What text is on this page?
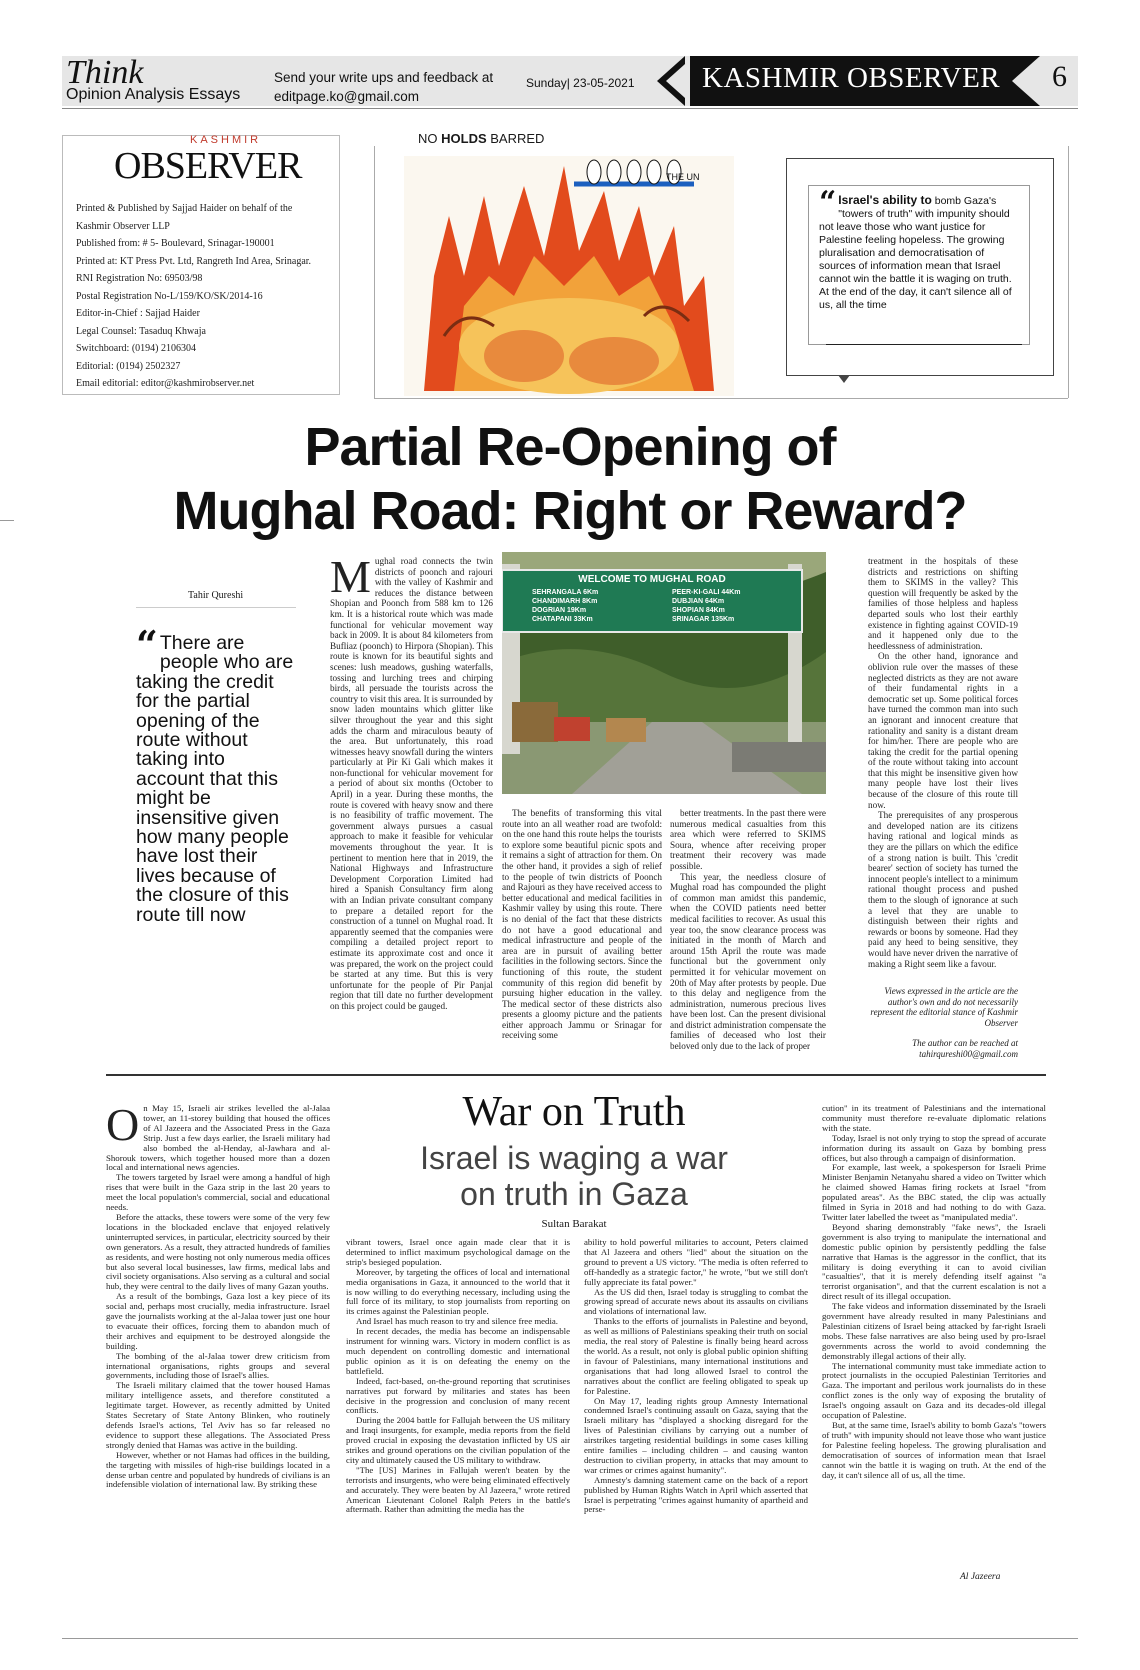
Think
Opinion Analysis Essays
Send your write ups and feedback at
editpage.ko@gmail.com
Sunday| 23-05-2021	KASHMIR OBSERVER	6
KASHMIR
OBSERVER
Printed & Published by Sajjad Haider on behalf of the
Kashmir Observer LLP
Published from: # 5- Boulevard, Srinagar-190001
Printed at: KT Press Pvt. Ltd, Rangreth Ind Area, Srinagar.
RNI Registration No: 69503/98
Postal Registration No-L/159/KO/SK/2014-16
Editor-in-Chief : Sajjad Haider
Legal Counsel: Tasaduq Khwaja
Switchboard: (0194) 2106304
Editorial: (0194) 2502327
Email editorial: editor@kashmirobserver.net
NO HOLDS BARRED
THE UN
“ Israel's ability to bomb Gaza's "towers of truth" with impunity should not leave those who want justice for Palestine feeling hopeless. The growing pluralisation and democratisation of sources of information mean that Israel cannot win the battle it is waging on truth. At the end of the day, it can't silence all of us, all the time
Partial Re-Opening of
Mughal Road: Right or Reward?
Tahir Qureshi
“ There are people who are taking the credit for the partial opening of the route without taking into account that this might be insensitive given how many people have lost their lives because of the closure of this route till now
M ughal road connects the twin districts of poonch and rajouri with the valley of Kashmir and reduces the distance between Shopian and Poonch from 588 km to 126 km. It is a historical route which was made functional for vehicular movement way back in 2009. It is about 84 kilometers from Bufliaz (poonch) to Hirpora (Shopian). This route is known for its beautiful sights and scenes: lush meadows, gushing waterfalls, tossing and lurching trees and chirping birds, all persuade the tourists across the country to visit this area. It is surrounded by snow laden mountains which glitter like silver throughout the year and this sight adds the charm and miraculous beauty of the area. But unfortunately, this road witnesses heavy snowfall during the winters particularly at Pir Ki Gali which makes it non-functional for vehicular movement for a period of about six months (October to April) in a year. During these months, the route is covered with heavy snow and there is no feasibility of traffic movement. The government always pursues a casual approach to make it feasible for vehicular movements throughout the year. It is pertinent to mention here that in 2019, the National Highways and Infrastructure Development Corporation Limited had hired a Spanish Consultancy firm along with an Indian private consultant company to prepare a detailed report for the construction of a tunnel on Mughal road. It apparently seemed that the companies were compiling a detailed project report to estimate its approximate cost and once it was prepared, the work on the project could be started at any time. But this is very unfortunate for the people of Pir Panjal region that till date no further development on this project could be gauged.
WELCOME TO MUGHAL ROAD
SEHRANGALA 6Km
CHANDIMARH 8Km
DOGRIAN 19Km
CHATAPANI 33Km
PEER-KI-GALI 44Km
DUBJIAN 64Km
SHOPIAN 84Km
SRINAGAR 135Km

The benefits of transforming this vital route into an all weather road are twofold: on the one hand this route helps the tourists to explore some beautiful picnic spots and it remains a sight of attraction for them. On the other hand, it provides a sigh of relief to the people of twin districts of Poonch and Rajouri as they have received access to better educational and medical facilities in Kashmir valley by using this route. There is no denial of the fact that these districts do not have a good educational and medical infrastructure and people of the area are in pursuit of availing better facilities in the following sectors. Since the functioning of this route, the student community of this region did benefit by pursuing higher education in the valley. The medical sector of these districts also presents a gloomy picture and the patients either approach Jammu or Srinagar for receiving some

better treatments. In the past there were numerous medical casualties from this area which were referred to SKIMS Soura, whence after receiving proper treatment their recovery was made possible.

This year, the needless closure of Mughal road has compounded the plight of common man amidst this pandemic, when the COVID patients need better medical facilities to recover. As usual this year too, the snow clearance process was initiated in the month of March and around 15th April the route was made functional but the government only permitted it for vehicular movement on 20th of May after protests by people. Due to this delay and negligence from the administration, numerous precious lives have been lost. Can the present divisional and district administration compensate the families of deceased who lost their beloved only due to the lack of proper

treatment in the hospitals of these districts and restrictions on shifting them to SKIMS in the valley? This question will frequently be asked by the families of those helpless and hapless departed souls who lost their earthly existence in fighting against COVID-19 and it happened only due to the heedlessness of administration.

On the other hand, ignorance and oblivion rule over the masses of these neglected districts as they are not aware of their fundamental rights in a democratic set up. Some political forces have turned the common man into such an ignorant and innocent creature that rationality and sanity is a distant dream for him/her. There are people who are taking the credit for the partial opening of the route without taking into account that this might be insensitive given how many people have lost their lives because of the closure of this route till now.

The prerequisites of any prosperous and developed nation are its citizens having rational and logical minds as they are the pillars on which the edifice of a strong nation is built. This 'credit bearer' section of society has turned the innocent people's intellect to a minimum rational thought process and pushed them to the slough of ignorance at such a level that they are unable to distinguish between their rights and rewards or boons by someone. Had they paid any heed to being sensitive, they would have never driven the narrative of making a Right seem like a favour.

Views expressed in the article are the author's own and do not necessarily represent the editorial stance of Kashmir Observer
The author can be reached at tahirqureshi00@gmail.com
War on Truth
Israel is waging a war on truth in Gaza
Sultan Barakat
O n May 15, Israeli air strikes levelled the al-Jalaa tower, an 11-storey building that housed the offices of Al Jazeera and the Associated Press in the Gaza Strip. Just a few days earlier, the Israeli military had also bombed the al-Henday, al-Jawhara and al-Shorouk towers, which together housed more than a dozen local and international news agencies.

The towers targeted by Israel were among a handful of high rises that were built in the Gaza strip in the last 20 years to meet the local population's commercial, social and educational needs.

Before the attacks, these towers were some of the very few locations in the blockaded enclave that enjoyed relatively uninterrupted services, in particular, electricity sourced by their own generators. As a result, they attracted hundreds of families as residents, and were hosting not only numerous media offices but also several local businesses, law firms, medical labs and civil society organisations. Also serving as a cultural and social hub, they were central to the daily lives of many Gazan youths.

As a result of the bombings, Gaza lost a key piece of its social and, perhaps most crucially, media infrastructure. Israel gave the journalists working at the al-Jalaa tower just one hour to evacuate their offices, forcing them to abandon much of their archives and equipment to be destroyed alongside the building.

The bombing of the al-Jalaa tower drew criticism from international organisations, rights groups and several governments, including those of Israel's allies.

The Israeli military claimed that the tower housed Hamas military intelligence assets, and therefore constituted a legitimate target. However, as recently admitted by United States Secretary of State Antony Blinken, who routinely defends Israel's actions, Tel Aviv has so far released no evidence to support these allegations. The Associated Press strongly denied that Hamas was active in the building.

However, whether or not Hamas had offices in the building, the targeting with missiles of high-rise buildings located in a dense urban centre and populated by hundreds of civilians is an indefensible violation of international law. By striking these

vibrant towers, Israel once again made clear that it is determined to inflict maximum psychological damage on the strip's besieged population.

Moreover, by targeting the offices of local and international media organisations in Gaza, it announced to the world that it is now willing to do everything necessary, including using the full force of its military, to stop journalists from reporting on its crimes against the Palestinian people.

And Israel has much reason to try and silence free media.

In recent decades, the media has become an indispensable instrument for winning wars. Victory in modern conflict is as much dependent on controlling domestic and international public opinion as it is on defeating the enemy on the battlefield.

Indeed, fact-based, on-the-ground reporting that scrutinises narratives put forward by militaries and states has been decisive in the progression and conclusion of many recent conflicts.

During the 2004 battle for Fallujah between the US military and Iraqi insurgents, for example, media reports from the field proved crucial in exposing the devastation inflicted by US air strikes and ground operations on the civilian population of the city and ultimately caused the US military to withdraw.

"The [US] Marines in Fallujah weren't beaten by the terrorists and insurgents, who were being eliminated effectively and accurately. They were beaten by Al Jazeera," wrote retired American Lieutenant Colonel Ralph Peters in the battle's aftermath. Rather than admitting the media has the

ability to hold powerful militaries to account, Peters claimed that Al Jazeera and others "lied" about the situation on the ground to prevent a US victory. "The media is often referred to off-handedly as a strategic factor," he wrote, "but we still don't fully appreciate its fatal power."

As the US did then, Israel today is struggling to combat the growing spread of accurate news about its assaults on civilians and violations of international law.

Thanks to the efforts of journalists in Palestine and beyond, as well as millions of Palestinians speaking their truth on social media, the real story of Palestine is finally being heard across the world. As a result, not only is global public opinion shifting in favour of Palestinians, many international institutions and organisations that had long allowed Israel to control the narratives about the conflict are feeling obligated to speak up for Palestine.

On May 17, leading rights group Amnesty International condemned Israel's continuing assault on Gaza, saying that the Israeli military has "displayed a shocking disregard for the lives of Palestinian civilians by carrying out a number of airstrikes targeting residential buildings in some cases killing entire families – including children – and causing wanton destruction to civilian property, in attacks that may amount to war crimes or crimes against humanity".

Amnesty's damning statement came on the back of a report published by Human Rights Watch in April which asserted that Israel is perpetrating "crimes against humanity of apartheid and perse-

cution" in its treatment of Palestinians and the international community must therefore re-evaluate diplomatic relations with the state.

Today, Israel is not only trying to stop the spread of accurate information during its assault on Gaza by bombing press offices, but also through a campaign of disinformation.

For example, last week, a spokesperson for Israeli Prime Minister Benjamin Netanyahu shared a video on Twitter which he claimed showed Hamas firing rockets at Israel "from populated areas". As the BBC stated, the clip was actually filmed in Syria in 2018 and had nothing to do with Gaza. Twitter later labelled the tweet as "manipulated media".

Beyond sharing demonstrably "fake news", the Israeli government is also trying to manipulate the international and domestic public opinion by persistently peddling the false narrative that Hamas is the aggressor in the conflict, that its military is doing everything it can to avoid civilian "casualties", that it is merely defending itself against "a terrorist organisation", and that the current escalation is not a direct result of its illegal occupation.

The fake videos and information disseminated by the Israeli government have already resulted in many Palestinians and Palestinian citizens of Israel being attacked by far-right Israeli mobs. These false narratives are also being used by pro-Israel governments across the world to avoid condemning the demonstrably illegal actions of their ally.

The international community must take immediate action to protect journalists in the occupied Palestinian Territories and Gaza. The important and perilous work journalists do in these conflict zones is the only way of exposing the brutality of Israel's ongoing assault on Gaza and its decades-old illegal occupation of Palestine.

But, at the same time, Israel's ability to bomb Gaza's "towers of truth" with impunity should not leave those who want justice for Palestine feeling hopeless. The growing pluralisation and democratisation of sources of information mean that Israel cannot win the battle it is waging on truth. At the end of the day, it can't silence all of us, all the time.

Al Jazeera
